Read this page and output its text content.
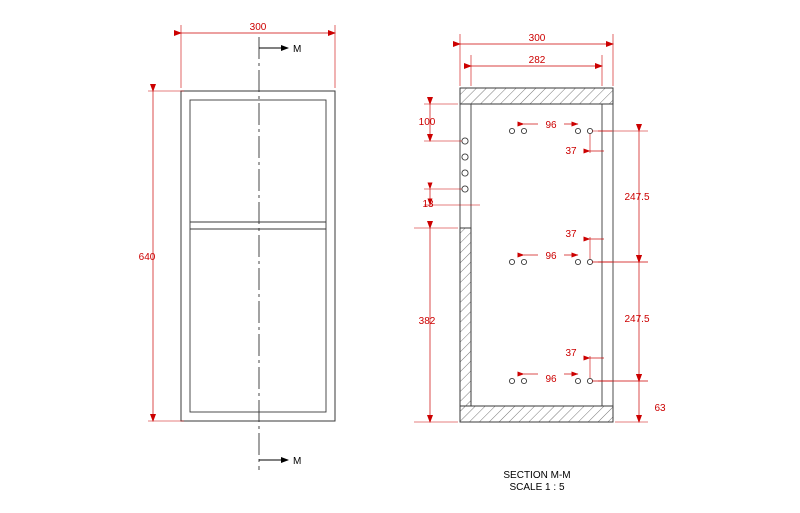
M
M
300
640
300
282
100
13
382
247.5
247.5
63
96
37
96
37
96
37
SECTION M-M
SCALE 1 : 5
